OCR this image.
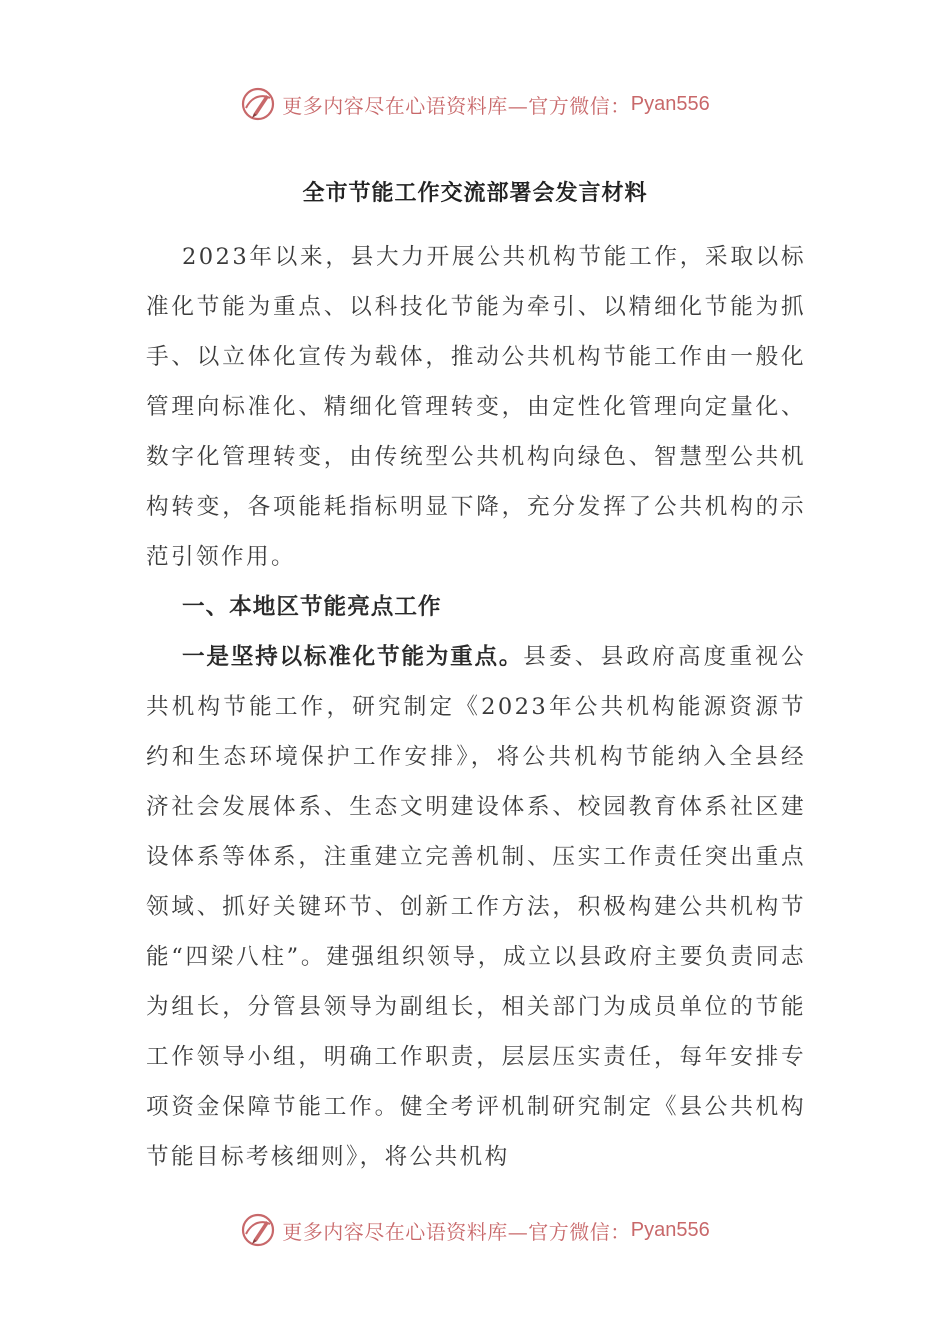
更多内容尽在心语资料库—官方微信： Pyan556
全市节能工作交流部署会发言材料

2023年以来，县大力开展公共机构节能工作，采取以标准化节能为重点、以科技化节能为牵引、以精细化节能为抓手、以立体化宣传为载体，推动公共机构节能工作由一般化管理向标准化、精细化管理转变，由定性化管理向定量化、数字化管理转变，由传统型公共机构向绿色、智慧型公共机构转变，各项能耗指标明显下降，充分发挥了公共机构的示范引领作用。

一、本地区节能亮点工作

一是坚持以标准化节能为重点。县委、县政府高度重视公共机构节能工作，研究制定《2023年公共机构能源资源节约和生态环境保护工作安排》，将公共机构节能纳入全县经济社会发展体系、生态文明建设体系、校园教育体系社区建设体系等体系，注重建立完善机制、压实工作责任突出重点领域、抓好关键环节、创新工作方法，积极构建公共机构节能“四梁八柱”。建强组织领导，成立以县政府主要负责同志为组长，分管县领导为副组长，相关部门为成员单位的节能工作领导小组，明确工作职责，层层压实责任，每年安排专项资金保障节能工作。健全考评机制研究制定《县公共机构节能目标考核细则》，将公共机构

更多内容尽在心语资料库—官方微信： Pyan556
